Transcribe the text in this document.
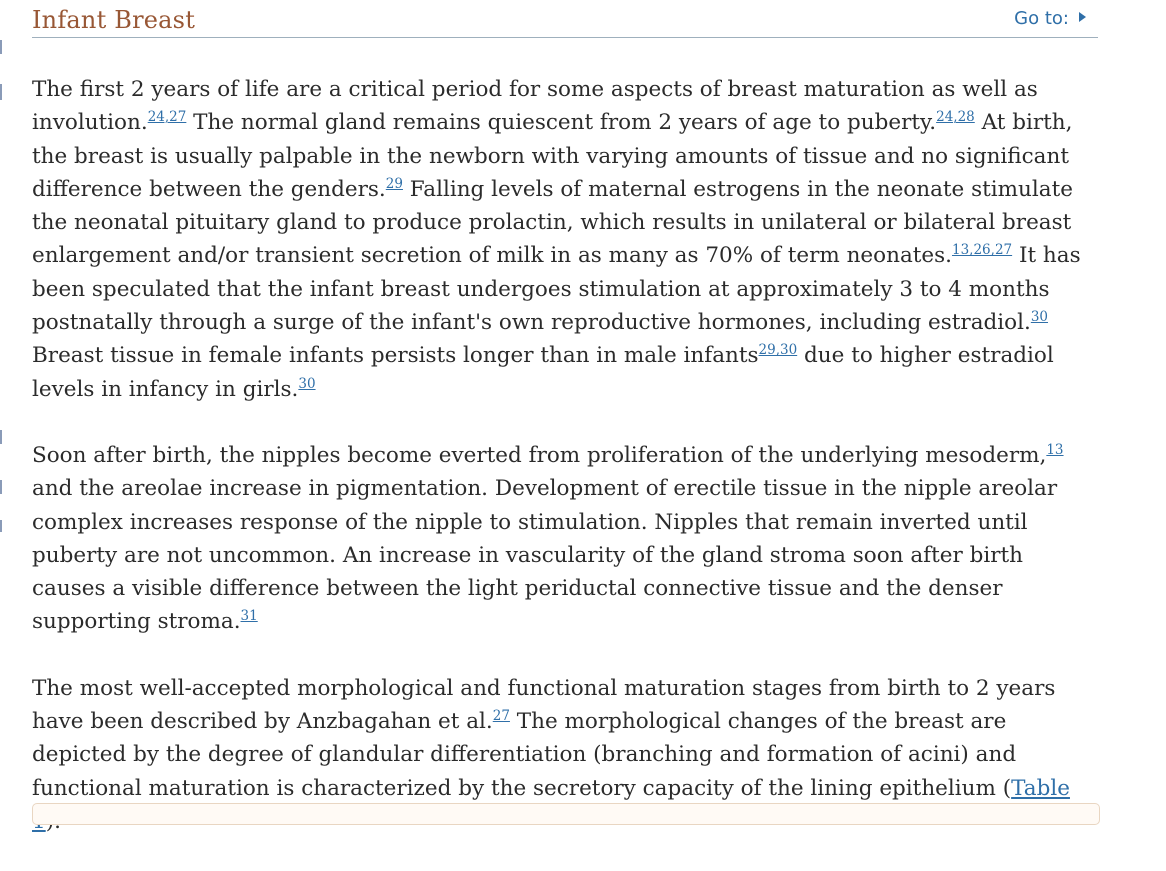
Infant Breast	Go to:

The first 2 years of life are a critical period for some aspects of breast maturation as well as involution.$^{24,27}$ The normal gland remains quiescent from 2 years of age to puberty.$^{24,28}$ At birth, the breast is usually palpable in the newborn with varying amounts of tissue and no significant difference between the genders.$^{29}$ Falling levels of maternal estrogens in the neonate stimulate the neonatal pituitary gland to produce prolactin, which results in unilateral or bilateral breast enlargement and/or transient secretion of milk in as many as 70% of term neonates.$^{13,26,27}$ It has been speculated that the infant breast undergoes stimulation at approximately 3 to 4 months postnatally through a surge of the infant's own reproductive hormones, including estradiol.$^{30}$ Breast tissue in female infants persists longer than in male infants$^{29,30}$ due to higher estradiol levels in infancy in girls.$^{30}$

Soon after birth, the nipples become everted from proliferation of the underlying mesoderm,$^{13}$ and the areolae increase in pigmentation. Development of erectile tissue in the nipple areolar complex increases response of the nipple to stimulation. Nipples that remain inverted until puberty are not uncommon. An increase in vascularity of the gland stroma soon after birth causes a visible difference between the light periductal connective tissue and the denser supporting stroma.$^{31}$

The most well-accepted morphological and functional maturation stages from birth to 2 years have been described by Anzbagahan et al.$^{27}$ The morphological changes of the breast are depicted by the degree of glandular differentiation (branching and formation of acini) and functional maturation is characterized by the secretory capacity of the lining epithelium (Table
